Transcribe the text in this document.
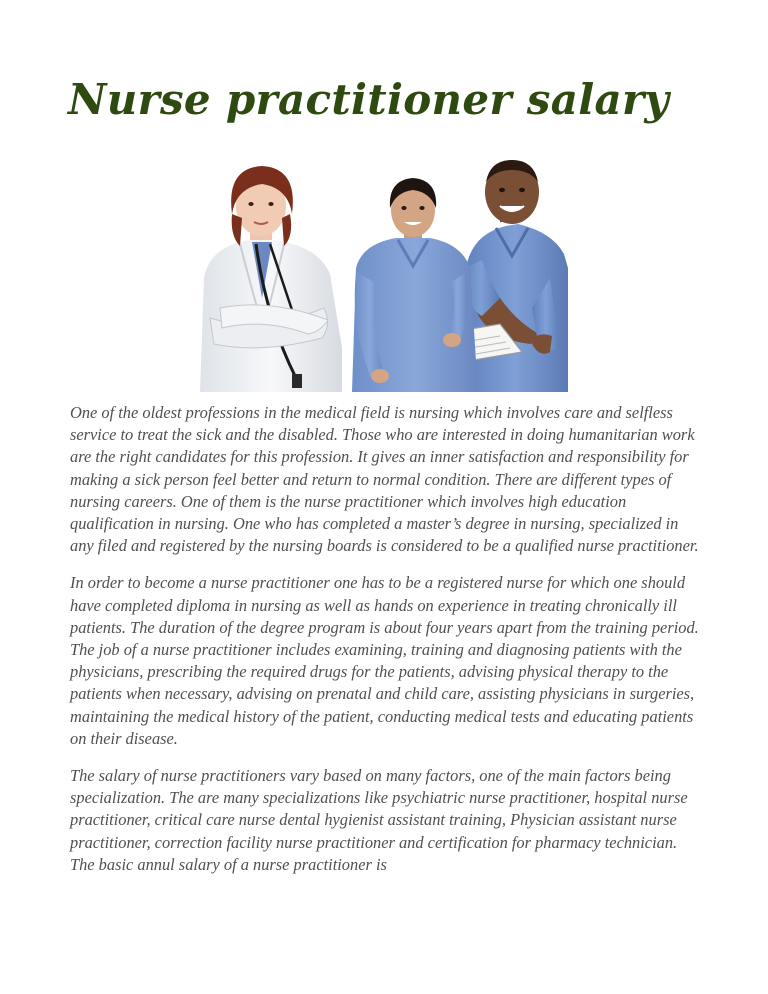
Nurse practitioner salary

One of the oldest professions in the medical field is nursing which involves care and selfless service to treat the sick and the disabled. Those who are interested in doing humanitarian work are the right candidates for this profession. It gives an inner satisfaction and responsibility for making a sick person feel better and return to normal condition. There are different types of nursing careers. One of them is the nurse practitioner which involves high education qualification in nursing. One who has completed a master’s degree in nursing, specialized in any filed and registered by the nursing boards is considered to be a qualified nurse practitioner.

In order to become a nurse practitioner one has to be a registered nurse for which one should have completed diploma in nursing as well as hands on experience in treating chronically ill patients. The duration of the degree program is about four years apart from the training period. The job of a nurse practitioner includes examining, training and diagnosing patients with the physicians, prescribing the required drugs for the patients, advising physical therapy to the patients when necessary, advising on prenatal and child care, assisting physicians in surgeries, maintaining the medical history of the patient, conducting medical tests and educating patients on their disease.

The salary of nurse practitioners vary based on many factors, one of the main factors being specialization. The are many specializations like psychiatric nurse practitioner, hospital nurse practitioner, critical care nurse dental hygienist assistant training, Physician assistant nurse practitioner, correction facility nurse practitioner and certification for pharmacy technician. The basic annul salary of a nurse practitioner is
